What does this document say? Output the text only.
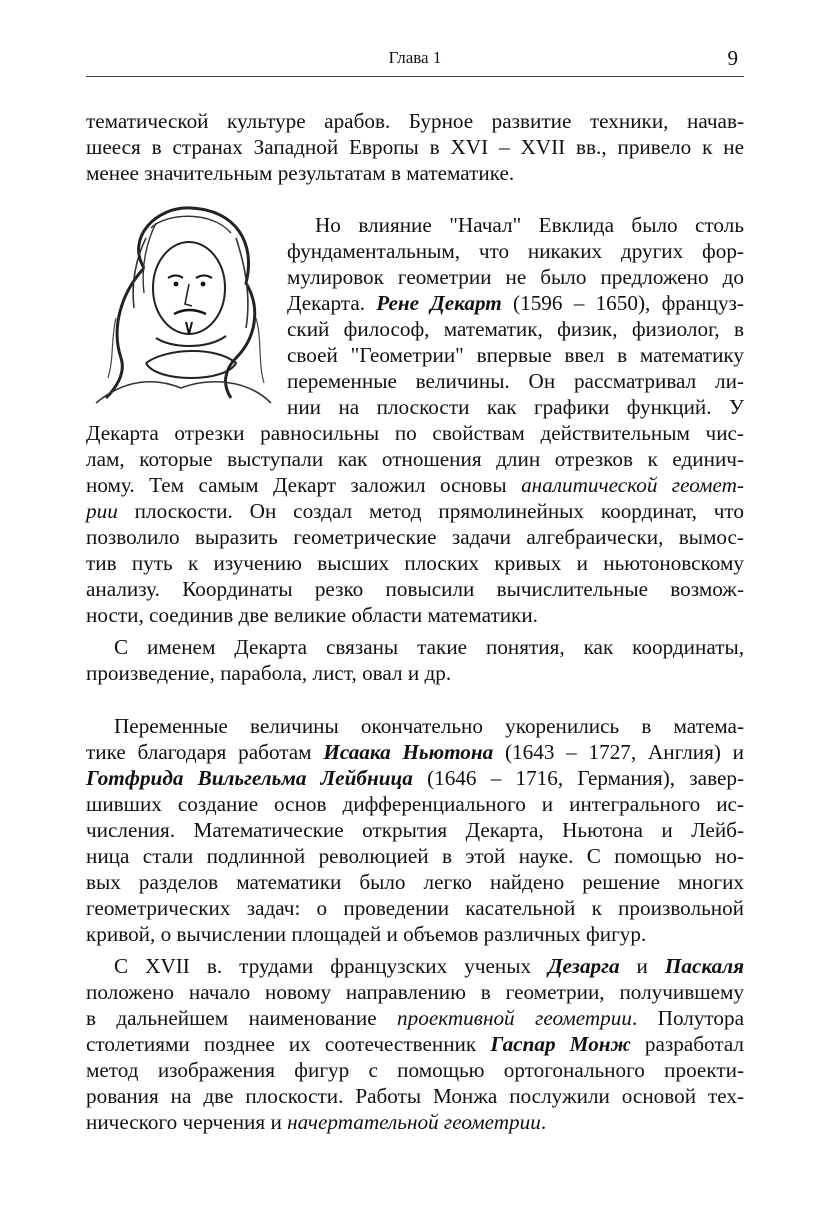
Глава 1	9
тематической культуре арабов. Бурное развитие техники, начав-
шееся в странах Западной Европы в XVI – XVII вв., привело к не
менее значительным результатам в математике.
Но влияние "Начал" Евклида было столь
фундаментальным, что никаких других фор-
мулировок геометрии не было предложено до
Декарта. Рене Декарт (1596 – 1650), француз-
ский философ, математик, физик, физиолог, в
своей "Геометрии" впервые ввел в математику
переменные величины. Он рассматривал ли-
нии на плоскости как графики функций. У
Декарта отрезки равносильны по свойствам действительным чис-
лам, которые выступали как отношения длин отрезков к единич-
ному. Тем самым Декарт заложил основы аналитической геомет-
рии плоскости. Он создал метод прямолинейных координат, что
позволило выразить геометрические задачи алгебраически, вымос-
тив путь к изучению высших плоских кривых и ньютоновскому
анализу. Координаты резко повысили вычислительные возмож-
ности, соединив две великие области математики.
С именем Декарта связаны такие понятия, как координаты,
произведение, парабола, лист, овал и др.
Переменные величины окончательно укоренились в матема-
тике благодаря работам Исаака Ньютона (1643 – 1727, Англия) и
Готфрида Вильгельма Лейбница (1646 – 1716, Германия), завер-
шивших создание основ дифференциального и интегрального ис-
числения. Математические открытия Декарта, Ньютона и Лейб-
ница стали подлинной революцией в этой науке. С помощью но-
вых разделов математики было легко найдено решение многих
геометрических задач: о проведении касательной к произвольной
кривой, о вычислении площадей и объемов различных фигур.
С XVII в. трудами французских ученых Дезарга и Паскаля
положено начало новому направлению в геометрии, получившему
в дальнейшем наименование проективной геометрии. Полутора
столетиями позднее их соотечественник Гаспар Монж разработал
метод изображения фигур с помощью ортогонального проекти-
рования на две плоскости. Работы Монжа послужили основой тех-
нического черчения и начертательной геометрии.
